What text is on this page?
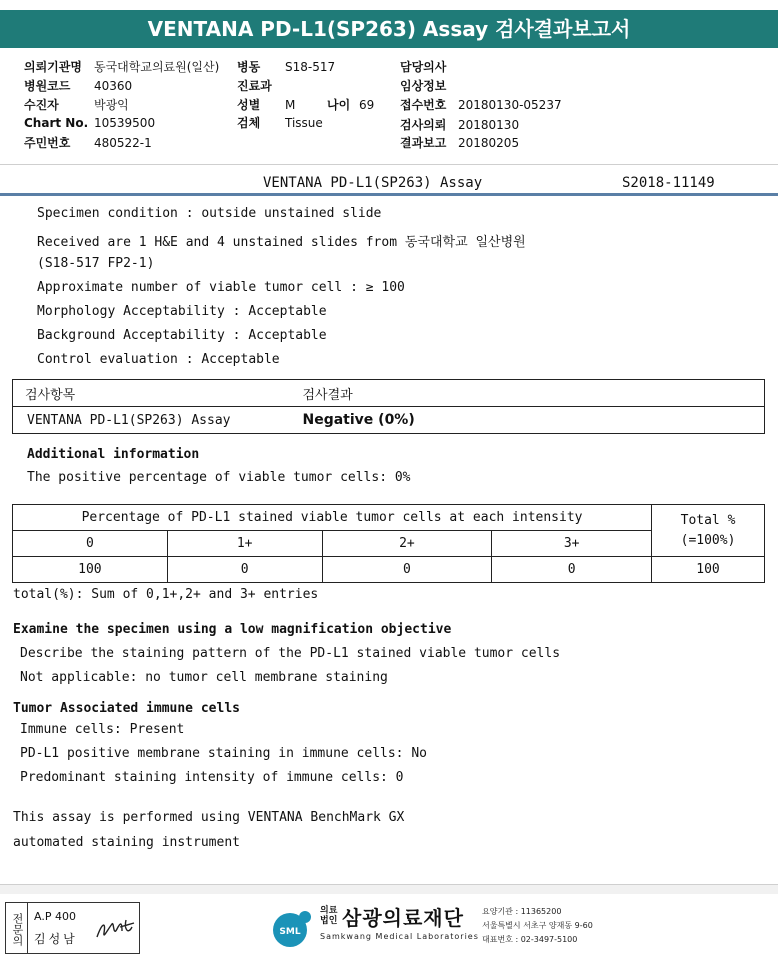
VENTANA PD-L1(SP263) Assay 검사결과보고서
의뢰기관명 동국대학교의료원(일산)
병원코드 40360
수진자	박광익
Chart No. 10539500
주민번호 480522-1
병동 S18-517
진료과
성별 M	나이 69
검체 Tissue
담당의사
임상정보
접수번호 20180130-05237
검사의뢰 20180130
결과보고 20180205
VENTANA PD-L1(SP263) Assay	S2018-11149
Specimen condition : outside unstained slide
Received are 1 H&E and 4 unstained slides from 동국대학교 일산병원
(S18-517 FP2-1)
Approximate number of viable tumor cell : ≥ 100
Morphology Acceptability : Acceptable
Background Acceptability : Acceptable
Control evaluation : Acceptable
검사항목	검사결과
VENTANA PD-L1(SP263) Assay	Negative (0%)
Additional information
The positive percentage of viable tumor cells: 0%
Percentage of PD-L1 stained viable tumor cells at each intensity				Total %
(=100%)

0	1+	2+	3+	
100	0	0	0	100
total(%): Sum of 0,1+,2+ and 3+ entries
Examine the specimen using a low magnification objective
Describe the staining pattern of the PD-L1 stained viable tumor cells
Not applicable: no tumor cell membrane staining
Tumor Associated immune cells
Immune cells: Present
PD-L1 positive membrane staining in immune cells: No
Predominant staining intensity of immune cells: 0
This assay is performed using VENTANA BenchMark GX
automated staining instrument
전문의 A.P 400
김성남	SML
의료
법인 삼광의료재단
Samkwang Medical Laboratories
요양기관 : 11365200
서울특별시 서초구 양재동 9-60
대표번호 : 02-3497-5100
